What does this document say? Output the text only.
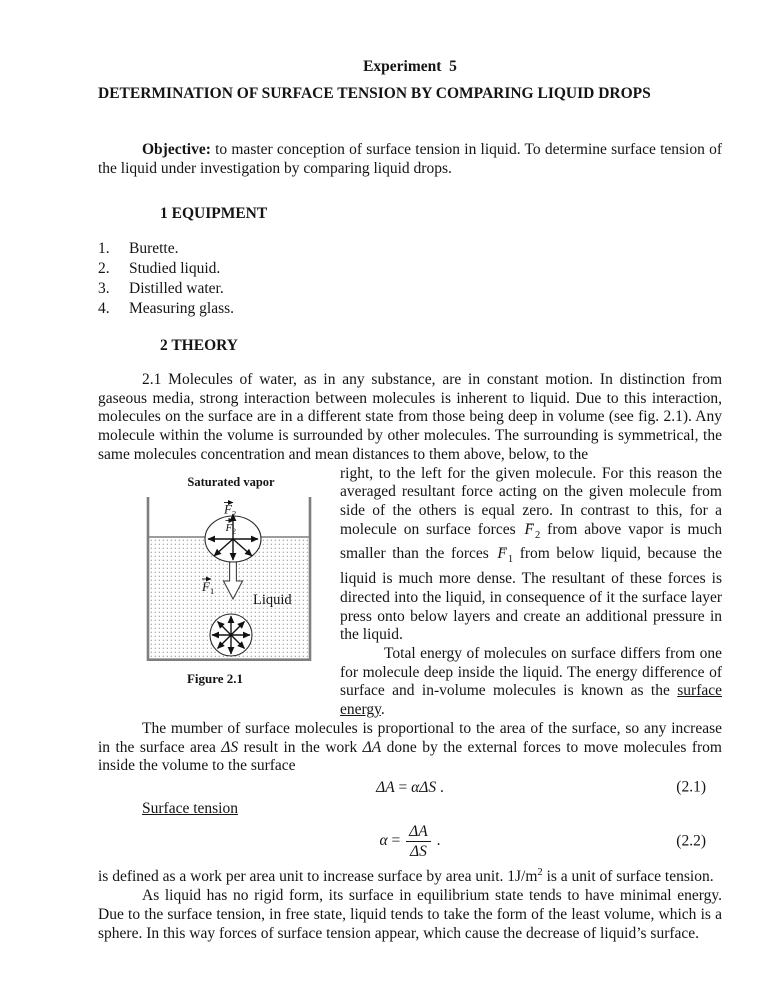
Experiment  5

DETERMINATION OF SURFACE TENSION BY COMPARING LIQUID DROPS

Objective: to master conception of surface tension in liquid. To determine surface tension of the liquid under investigation by comparing liquid drops.

1 EQUIPMENT

1.	Burette.
2.	Studied liquid.
3.	Distilled water.
4.	Measuring glass.

2 THEORY

2.1 Molecules of water, as in any substance, are in constant motion. In distinction from gaseous media, strong interaction between molecules is inherent to liquid. Due to this interaction, molecules on the surface are in a different state from those being deep in volume (see fig. 2.1). Any molecule within the volume is surrounded by other molecules. The surrounding is symmetrical, the same molecules concentration and mean distances to them above, below, to the

Saturated vapor
$F_2$
$F_2$
$F_1$
Liquid
Figure 2.1

right, to the left for the given molecule. For this reason the averaged resultant force acting on the given molecule from side of the others is equal zero. In contrast to this, for a molecule on surface forces $F \to_2$ from above vapor is much smaller than the forces $F \to_1$ from below liquid, because the liquid is much more dense. The resultant of these forces is directed into the liquid, in consequence of it the surface layer press onto below layers and create an additional pressure in the liquid.

Total energy of molecules on surface differs from one for molecule deep inside the liquid. The energy difference of surface and in-volume molecules is known as the surface energy.

The mumber of surface molecules is proportional to the area of the surface, so any increase in the surface area ΔS result in the work ΔA done by the external forces to move molecules from inside the volume to the surface

ΔA = αΔS .	(2.1)

Surface tension

$\alpha = \frac{\Delta A}{\Delta S}$ .	(2.2)

is defined as a work per area unit to increase surface by area unit. $1J/m^2$ is a unit of surface tension.

As liquid has no rigid form, its surface in equilibrium state tends to have minimal energy. Due to the surface tension, in free state, liquid tends to take the form of the least volume, which is a sphere. In this way forces of surface tension appear, which cause the decrease of liquid’s surface.
